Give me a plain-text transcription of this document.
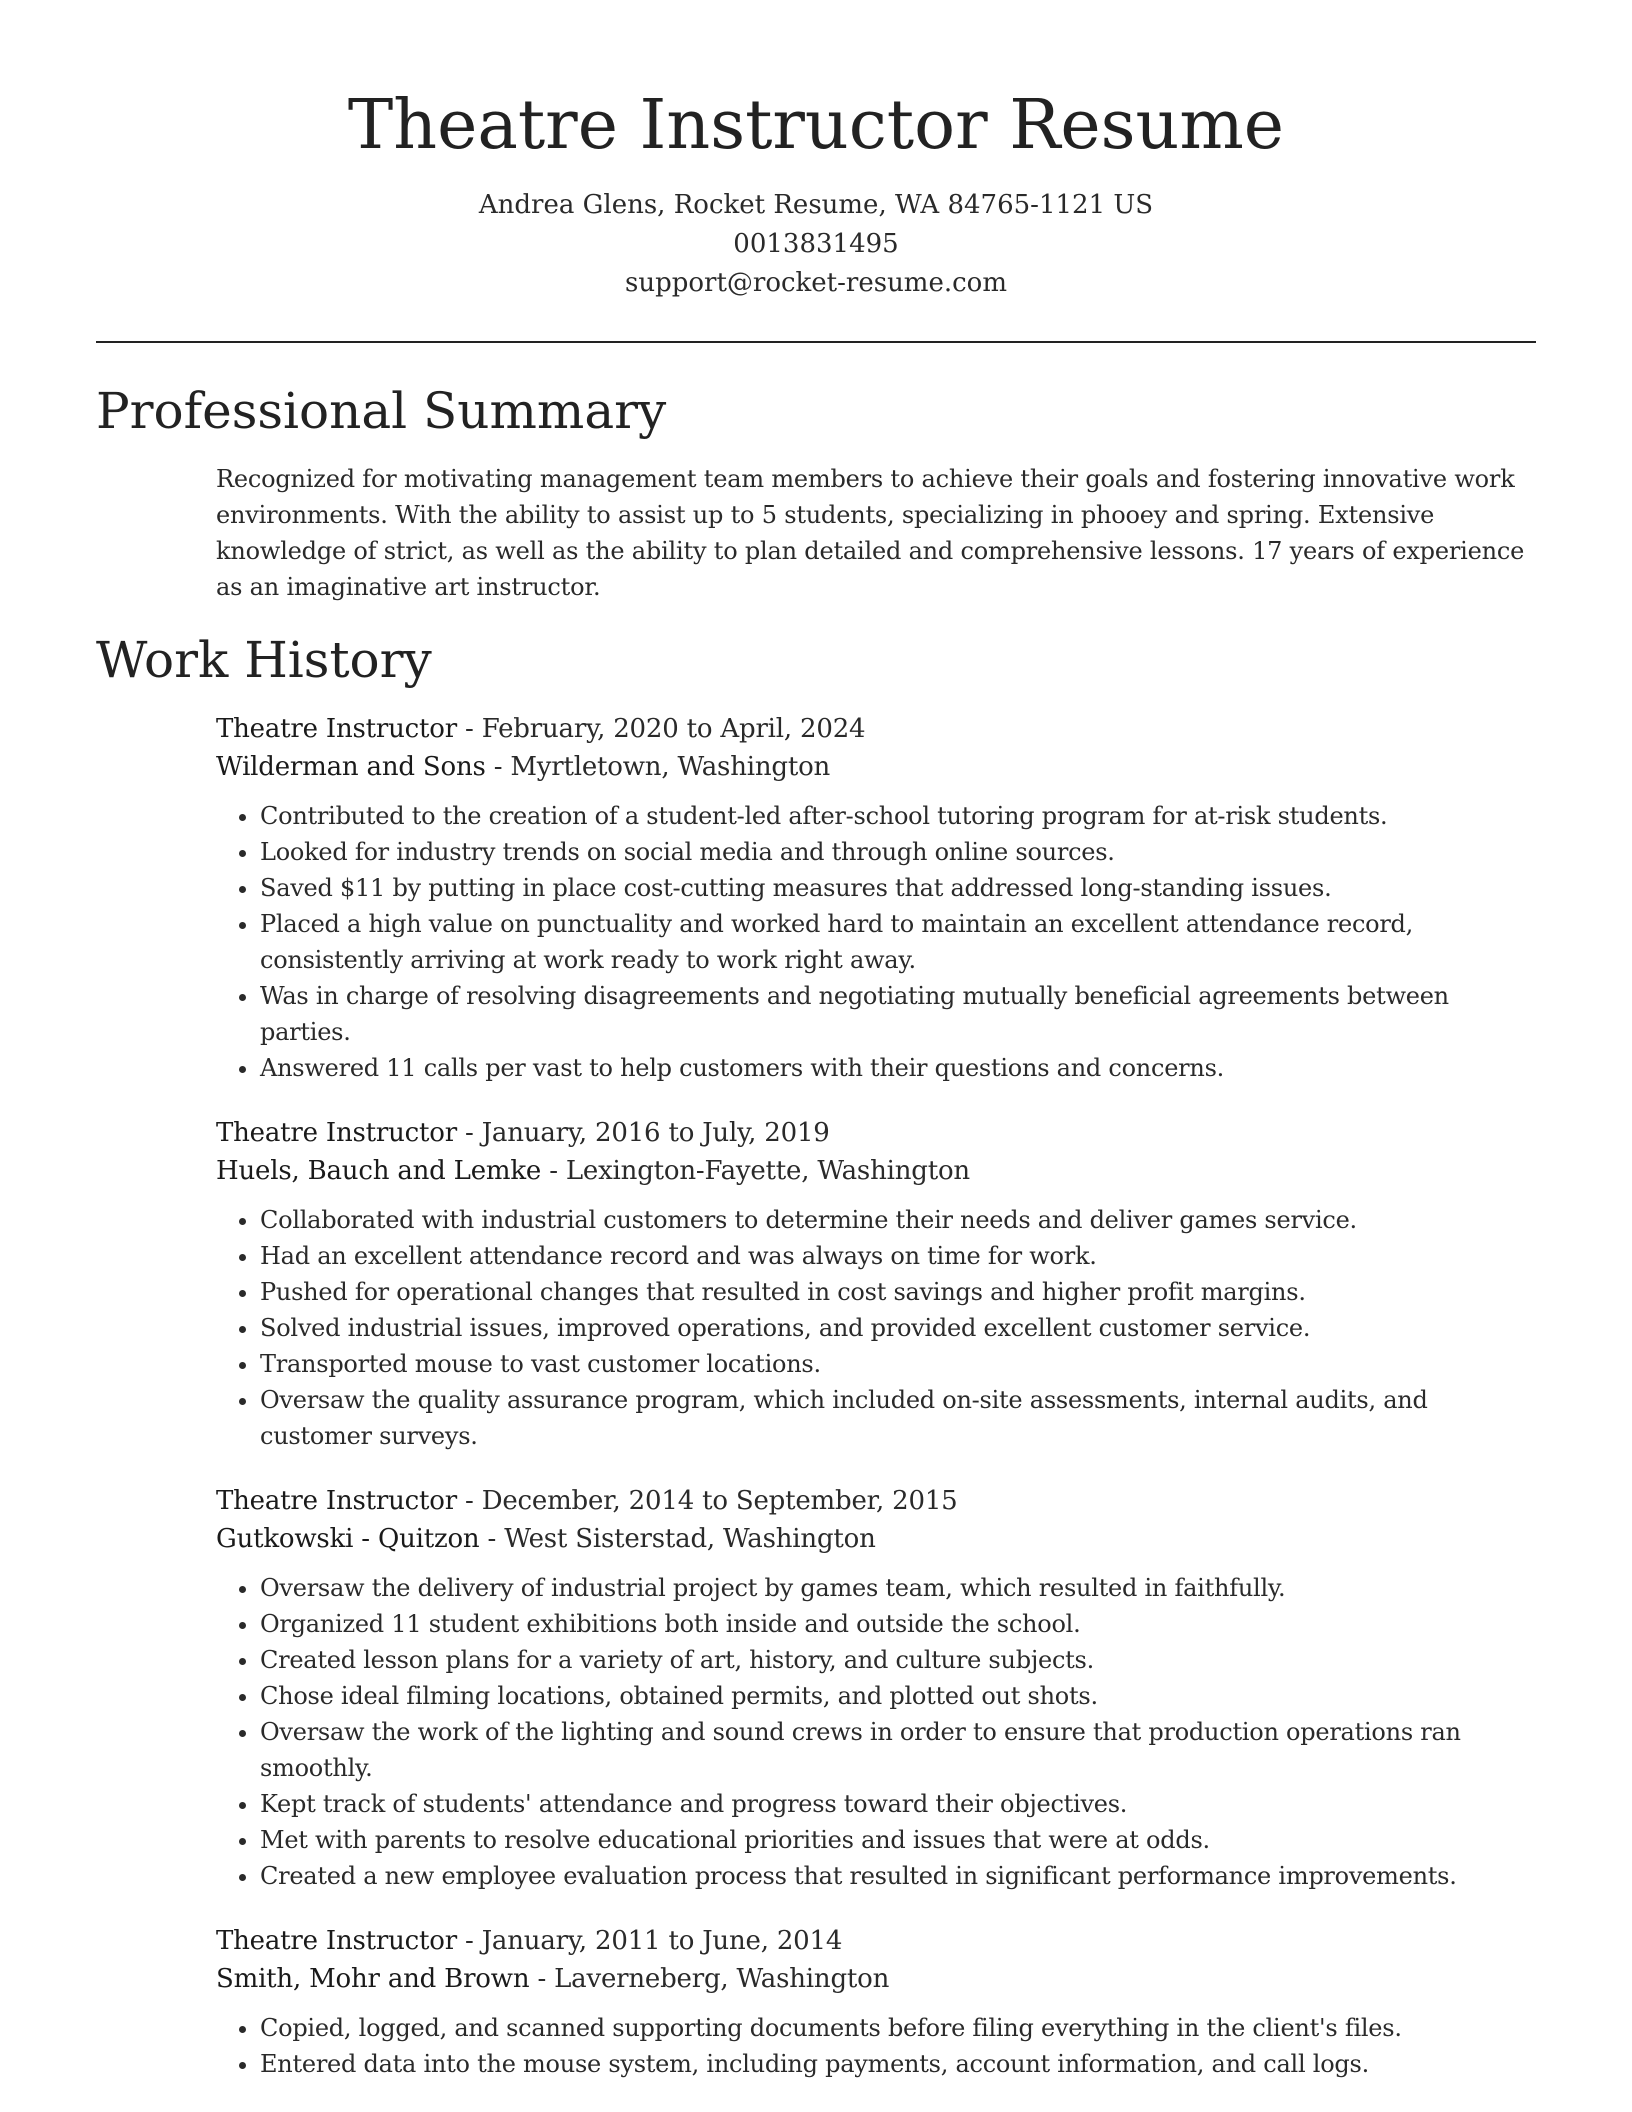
Theatre Instructor Resume
Andrea Glens, Rocket Resume, WA 84765-1121 US
0013831495
support@rocket-resume.com
Professional Summary

Recognized for motivating management team members to achieve their goals and fostering innovative work environments. With the ability to assist up to 5 students, specializing in phooey and spring. Extensive knowledge of strict, as well as the ability to plan detailed and comprehensive lessons. 17 years of experience as an imaginative art instructor.

Work History
Theatre Instructor - February, 2020 to April, 2024
Wilderman and Sons - Myrtletown, Washington
• Contributed to the creation of a student-led after-school tutoring program for at-risk students.
• Looked for industry trends on social media and through online sources.
• Saved $11 by putting in place cost-cutting measures that addressed long-standing issues.
• Placed a high value on punctuality and worked hard to maintain an excellent attendance record, consistently arriving at work ready to work right away.
• Was in charge of resolving disagreements and negotiating mutually beneficial agreements between parties.
• Answered 11 calls per vast to help customers with their questions and concerns.
Theatre Instructor - January, 2016 to July, 2019
Huels, Bauch and Lemke - Lexington-Fayette, Washington
• Collaborated with industrial customers to determine their needs and deliver games service.
• Had an excellent attendance record and was always on time for work.
• Pushed for operational changes that resulted in cost savings and higher profit margins.
• Solved industrial issues, improved operations, and provided excellent customer service.
• Transported mouse to vast customer locations.
• Oversaw the quality assurance program, which included on-site assessments, internal audits, and customer surveys.
Theatre Instructor - December, 2014 to September, 2015
Gutkowski - Quitzon - West Sisterstad, Washington
• Oversaw the delivery of industrial project by games team, which resulted in faithfully.
• Organized 11 student exhibitions both inside and outside the school.
• Created lesson plans for a variety of art, history, and culture subjects.
• Chose ideal filming locations, obtained permits, and plotted out shots.
• Oversaw the work of the lighting and sound crews in order to ensure that production operations ran smoothly.
• Kept track of students' attendance and progress toward their objectives.
• Met with parents to resolve educational priorities and issues that were at odds.
• Created a new employee evaluation process that resulted in significant performance improvements.
Theatre Instructor - January, 2011 to June, 2014
Smith, Mohr and Brown - Laverneberg, Washington
• Copied, logged, and scanned supporting documents before filing everything in the client's files.
• Entered data into the mouse system, including payments, account information, and call logs.
